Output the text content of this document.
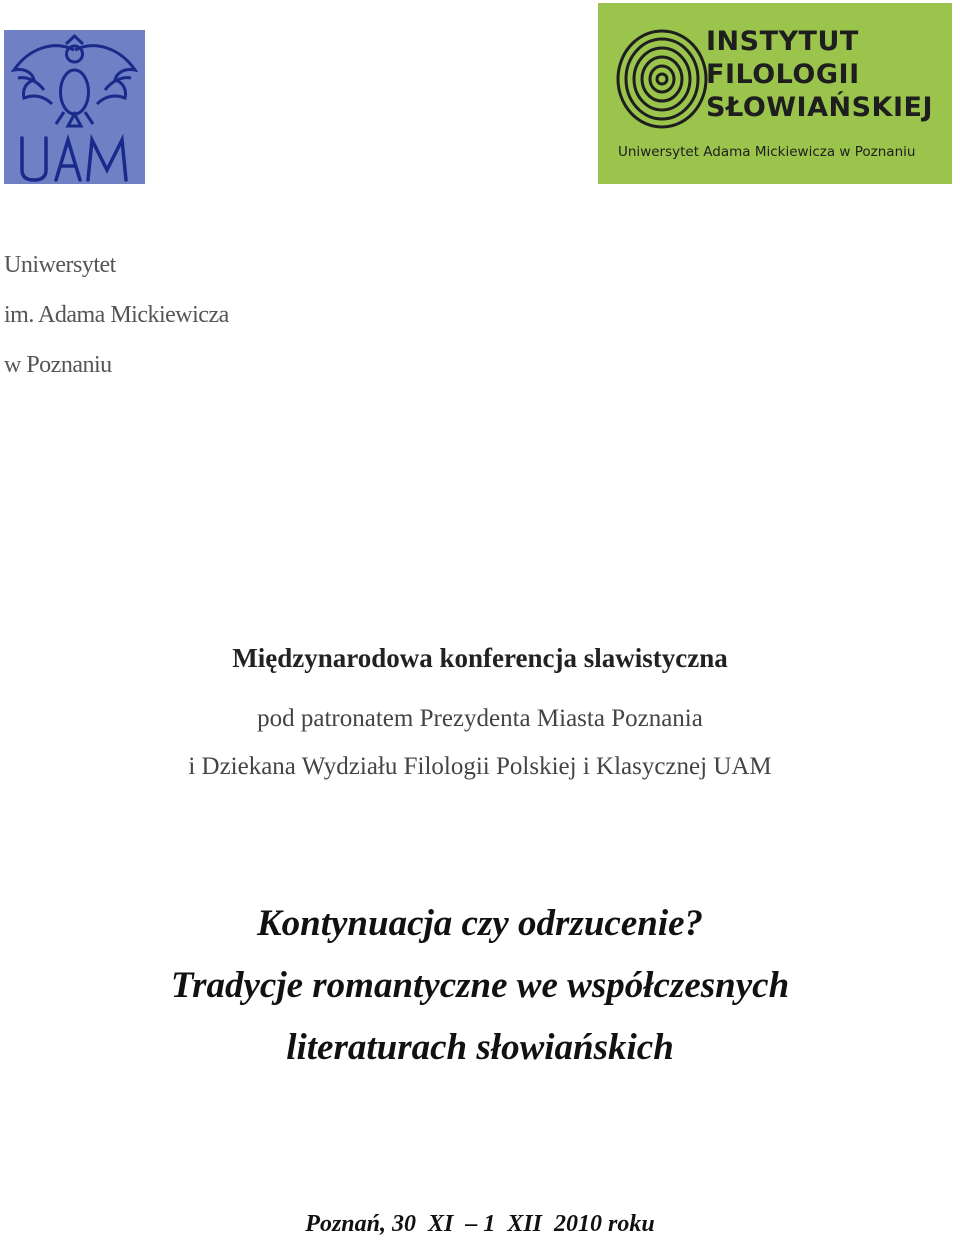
INSTYTUT
FILOLOGII
SŁOWIAŃSKIEJ
Uniwersytet Adama Mickiewicza w Poznaniu
Uniwersytet
im. Adama Mickiewicza
w Poznaniu
Międzynarodowa konferencja slawistyczna
pod patronatem Prezydenta Miasta Poznania
i Dziekana Wydziału Filologii Polskiej i Klasycznej UAM
Kontynuacja czy odrzucenie?
Tradycje romantyczne we współczesnych
literaturach słowiańskich
Poznań, 30  XI  – 1  XII  2010 roku
